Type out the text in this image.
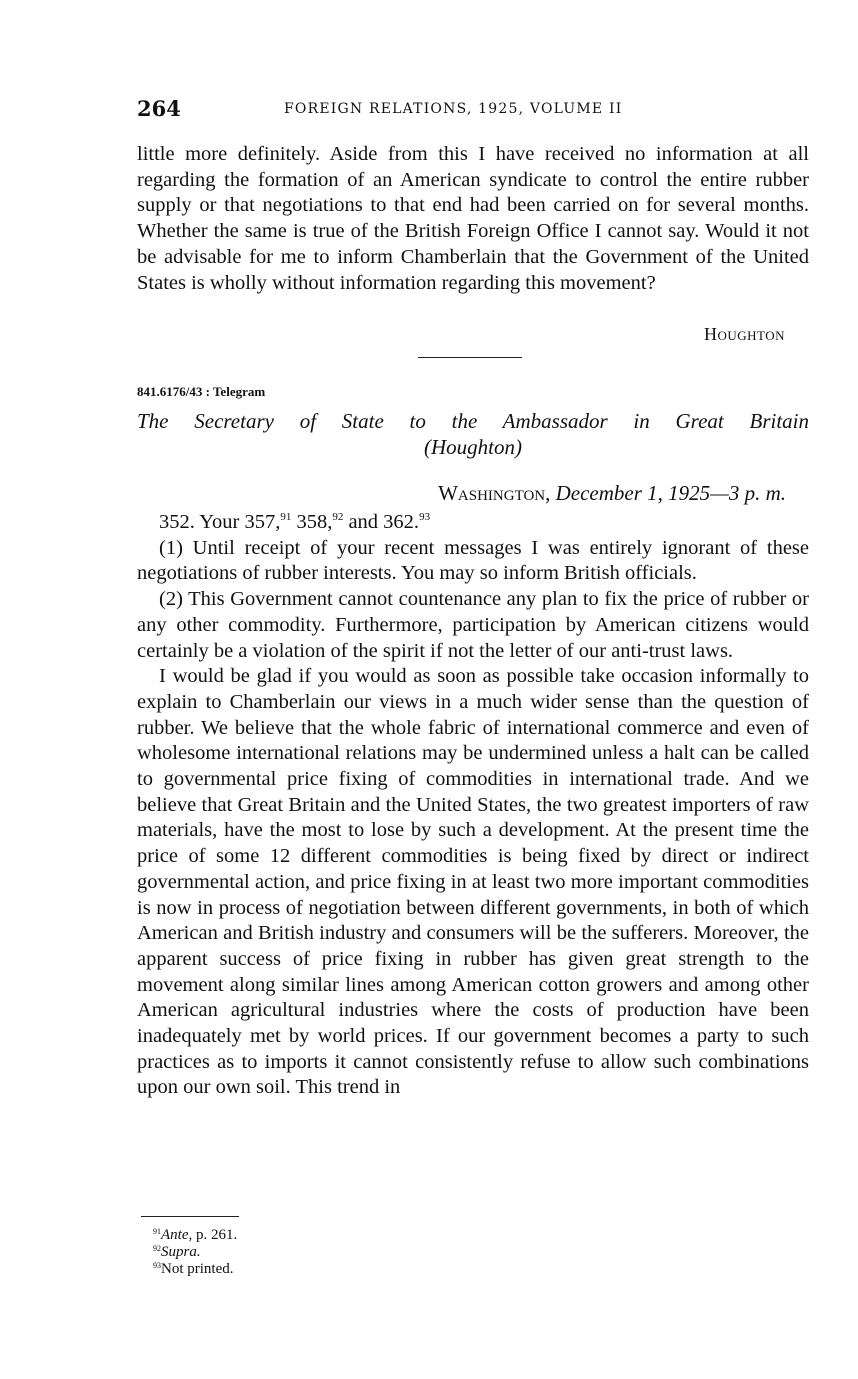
264	FOREIGN RELATIONS, 1925, VOLUME II

little more definitely. Aside from this I have received no information at all regarding the formation of an American syndicate to control the entire rubber supply or that negotiations to that end had been carried on for several months. Whether the same is true of the British Foreign Office I cannot say. Would it not be advisable for me to inform Chamberlain that the Government of the United States is wholly without information regarding this movement?

Houghton
841.6176/43 : Telegram
The Secretary of State to the Ambassador in Great Britain
(Houghton)
Washington, December 1, 1925—3 p. m.

352. Your 357,91 358,92 and 362.93

(1) Until receipt of your recent messages I was entirely ignorant of these negotiations of rubber interests. You may so inform British officials.

(2) This Government cannot countenance any plan to fix the price of rubber or any other commodity. Furthermore, participation by American citizens would certainly be a violation of the spirit if not the letter of our anti-trust laws.

I would be glad if you would as soon as possible take occasion informally to explain to Chamberlain our views in a much wider sense than the question of rubber. We believe that the whole fabric of international commerce and even of wholesome international relations may be undermined unless a halt can be called to governmental price fixing of commodities in international trade. And we believe that Great Britain and the United States, the two greatest importers of raw materials, have the most to lose by such a development. At the present time the price of some 12 different commodities is being fixed by direct or indirect governmental action, and price fixing in at least two more important commodities is now in process of negotiation between different governments, in both of which American and British industry and consumers will be the sufferers. Moreover, the apparent success of price fixing in rubber has given great strength to the movement along similar lines among American cotton growers and among other American agricultural industries where the costs of production have been inadequately met by world prices. If our government becomes a party to such practices as to imports it cannot consistently refuse to allow such combinations upon our own soil. This trend in

$^{91}$Ante, p. 261.
$^{92}$Supra.
$^{93}$Not printed.
